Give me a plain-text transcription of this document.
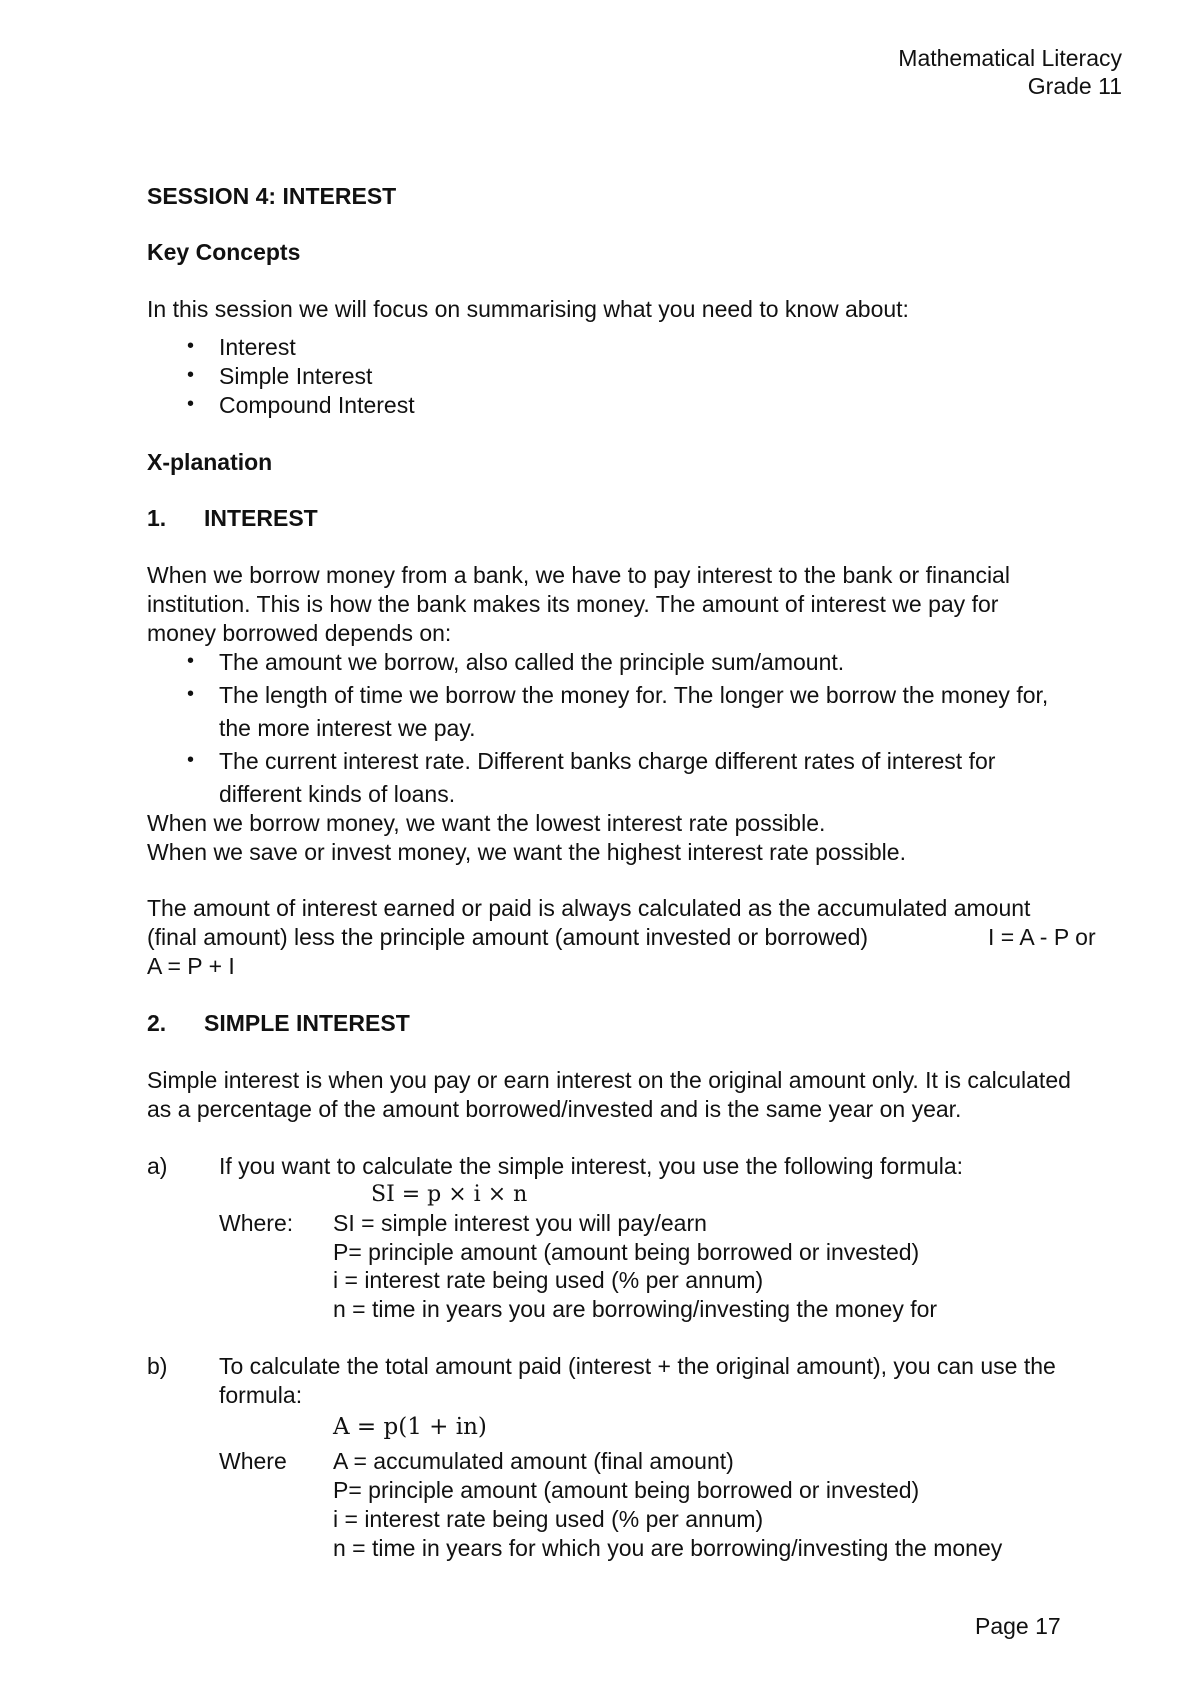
Mathematical Literacy
Grade 11
SESSION 4: INTEREST
Key Concepts
In this session we will focus on summarising what you need to know about:
• Interest
• Simple Interest
• Compound Interest
X-planation
1. INTEREST
When we borrow money from a bank, we have to pay interest to the bank or financial
institution. This is how the bank makes its money. The amount of interest we pay for
money borrowed depends on:
• The amount we borrow, also called the principle sum/amount.
• The length of time we borrow the money for. The longer we borrow the money for,
the more interest we pay.
• The current interest rate. Different banks charge different rates of interest for
different kinds of loans.
When we borrow money, we want the lowest interest rate possible.
When we save or invest money, we want the highest interest rate possible.
The amount of interest earned or paid is always calculated as the accumulated amount
(final amount) less the principle amount (amount invested or borrowed)	I = A - P or
A = P + I
2. SIMPLE INTEREST
Simple interest is when you pay or earn interest on the original amount only. It is calculated
as a percentage of the amount borrowed/invested and is the same year on year.
a) If you want to calculate the simple interest, you use the following formula:
SI = p × i × n
Where: SI = simple interest you will pay/earn
P= principle amount (amount being borrowed or invested)
i = interest rate being used (% per annum)
n = time in years you are borrowing/investing the money for
b) To calculate the total amount paid (interest + the original amount), you can use the
formula:
A = p(1 + in)
Where A = accumulated amount (final amount)
P= principle amount (amount being borrowed or invested)
i = interest rate being used (% per annum)
n = time in years for which you are borrowing/investing the money
Page 17
